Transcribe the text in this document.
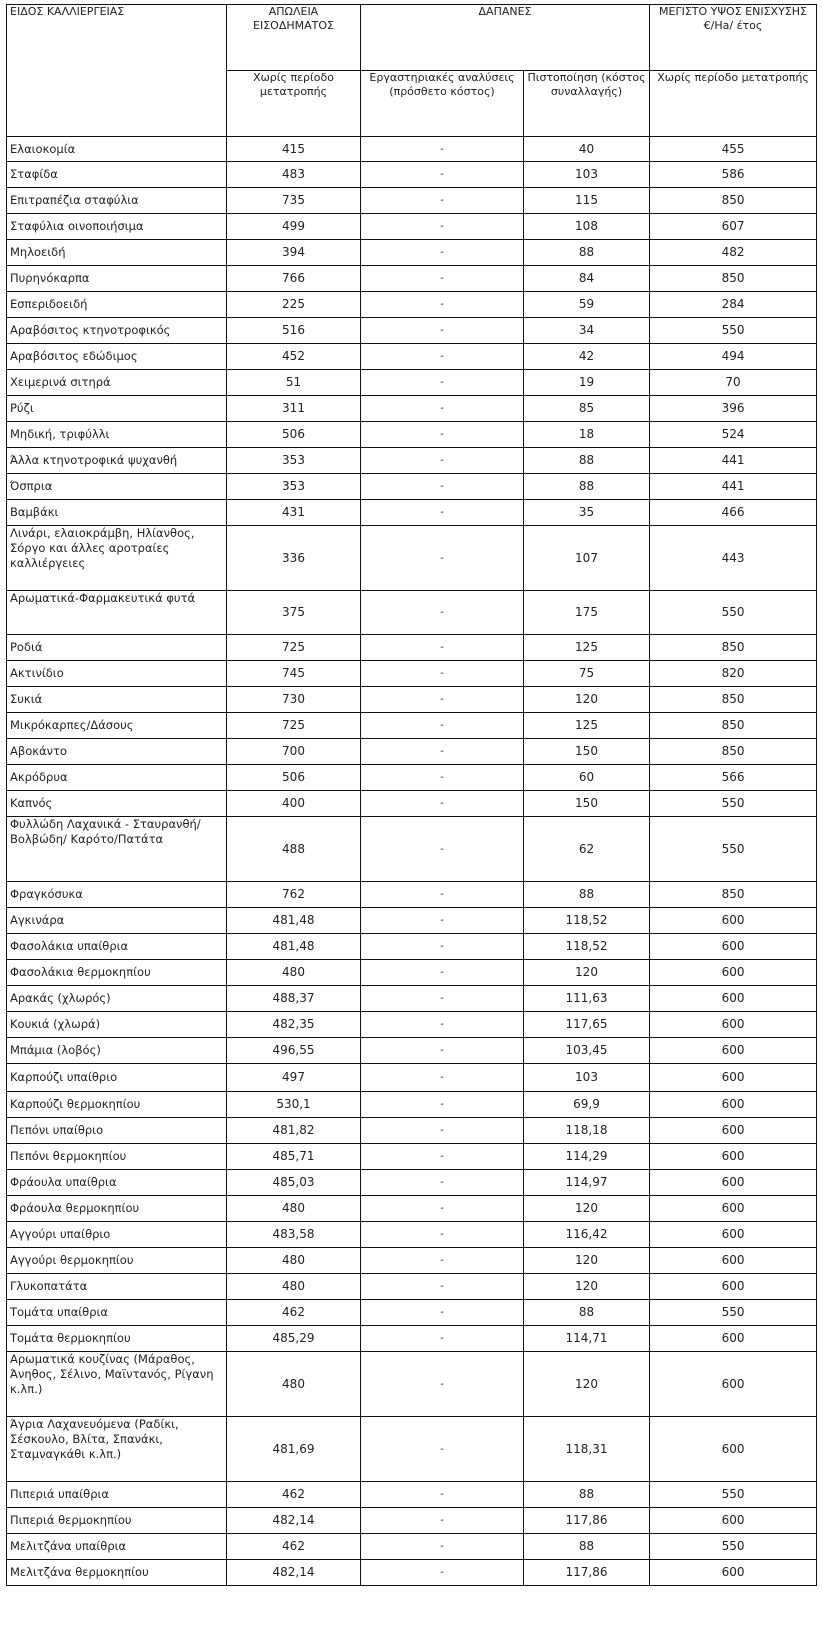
ΕΙΔΟΣ ΚΑΛΛΙΕΡΓΕΙΑΣ	ΑΠΩΛΕΙΑ ΕΙΣΟΔΗΜΑΤΟΣ	ΔΑΠΑΝΕΣ		ΜΕΓΙΣΤΟ ΥΨΟΣ ΕΝΙΣΧΥΣΗΣ €/Ha/ έτος
	Χωρίς περίοδο μετατροπής	Εργαστηριακές αναλύσεις (πρόσθετο κόστος)	Πιστοποίηση (κόστος συναλλαγής)	Χωρίς περίοδο μετατροπής
Ελαιοκομία	415	-	40	455
Σταφίδα	483	-	103	586
Επιτραπέζια σταφύλια	735	-	115	850
Σταφύλια οινοποιήσιμα	499	-	108	607
Μηλοειδή	394	-	88	482
Πυρηνόκαρπα	766	-	84	850
Εσπεριδοειδή	225	-	59	284
Αραβόσιτος κτηνοτροφικός	516	-	34	550
Αραβόσιτος εδώδιμος	452	-	42	494
Χειμερινά σιτηρά	51	-	19	70
Ρύζι	311	-	85	396
Μηδική, τριφύλλι	506	-	18	524
Άλλα κτηνοτροφικά ψυχανθή	353	-	88	441
Όσπρια	353	-	88	441
Βαμβάκι	431	-	35	466
Λινάρι, ελαιοκράμβη, Ηλίανθος, Σόργο και άλλες αροτραίες καλλιέργειες	336	-	107	443
Αρωματικά-Φαρμακευτικά φυτά	375	-	175	550
Ροδιά	725	-	125	850
Ακτινίδιο	745	-	75	820
Συκιά	730	-	120	850
Μικρόκαρπες/Δάσους	725	-	125	850
Αβοκάντο	700	-	150	850
Ακρόδρυα	506	-	60	566
Καπνός	400	-	150	550
Φυλλώδη Λαχανικά - Σταυρανθή/Βολβώδη/ Καρότο/Πατάτα	488	-	62	550
Φραγκόσυκα	762	-	88	850
Αγκινάρα	481,48	-	118,52	600
Φασολάκια υπαίθρια	481,48	-	118,52	600
Φασολάκια θερμοκηπίου	480	-	120	600
Αρακάς (χλωρός)	488,37	-	111,63	600
Κουκιά (χλωρά)	482,35	-	117,65	600
Μπάμια (λοβός)	496,55	-	103,45	600
Καρπούζι υπαίθριο	497	-	103	600
Καρπούζι θερμοκηπίου	530,1	-	69,9	600
Πεπόνι υπαίθριο	481,82	-	118,18	600
Πεπόνι θερμοκηπίου	485,71	-	114,29	600
Φράουλα υπαίθρια	485,03	-	114,97	600
Φράουλα θερμοκηπίου	480	-	120	600
Αγγούρι υπαίθριο	483,58	-	116,42	600
Αγγούρι θερμοκηπίου	480	-	120	600
Γλυκοπατάτα	480	-	120	600
Τομάτα υπαίθρια	462	-	88	550
Τομάτα θερμοκηπίου	485,29	-	114,71	600
Αρωματικά κουζίνας (Μάραθος, Άνηθος, Σέλινο, Μαϊντανός, Ρίγανη κ.λπ.)	480	-	120	600
Άγρια Λαχανευόμενα (Ραδίκι, Σέσκουλο, Βλίτα, Σπανάκι, Σταμναγκάθι κ.λπ.)	481,69	-	118,31	600
Πιπεριά υπαίθρια	462	-	88	550
Πιπεριά θερμοκηπίου	482,14	-	117,86	600
Μελιτζάνα υπαίθρια	462	-	88	550
Μελιτζάνα θερμοκηπίου	482,14	-	117,86	600
